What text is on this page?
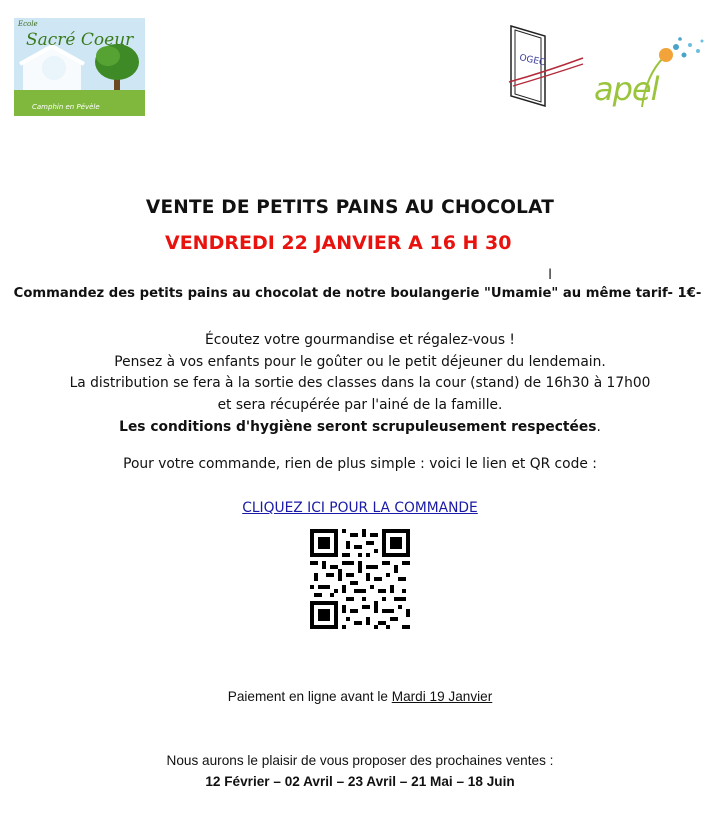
Ecole
Sacré Coeur
Camphin en Pévèle
OGEC
apel
VENTE DE PETITS PAINS AU CHOCOLAT
VENDREDI 22 JANVIER A 16 H 30
I
Commandez des petits pains au chocolat de notre boulangerie "Umamie" au même tarif- 1€-
Écoutez votre gourmandise et régalez-vous !
Pensez à vos enfants pour le goûter ou le petit déjeuner du lendemain.
La distribution se fera à la sortie des classes dans la cour (stand) de 16h30 à 17h00
et sera récupérée par l'ainé de la famille.
Les conditions d'hygiène seront scrupuleusement respectées.
Pour votre commande, rien de plus simple : voici le lien et QR code :
CLIQUEZ ICI POUR LA COMMANDE
Paiement en ligne avant le Mardi 19 Janvier
Nous aurons le plaisir de vous proposer des prochaines ventes :
12 Février – 02 Avril – 23 Avril – 21 Mai – 18 Juin
